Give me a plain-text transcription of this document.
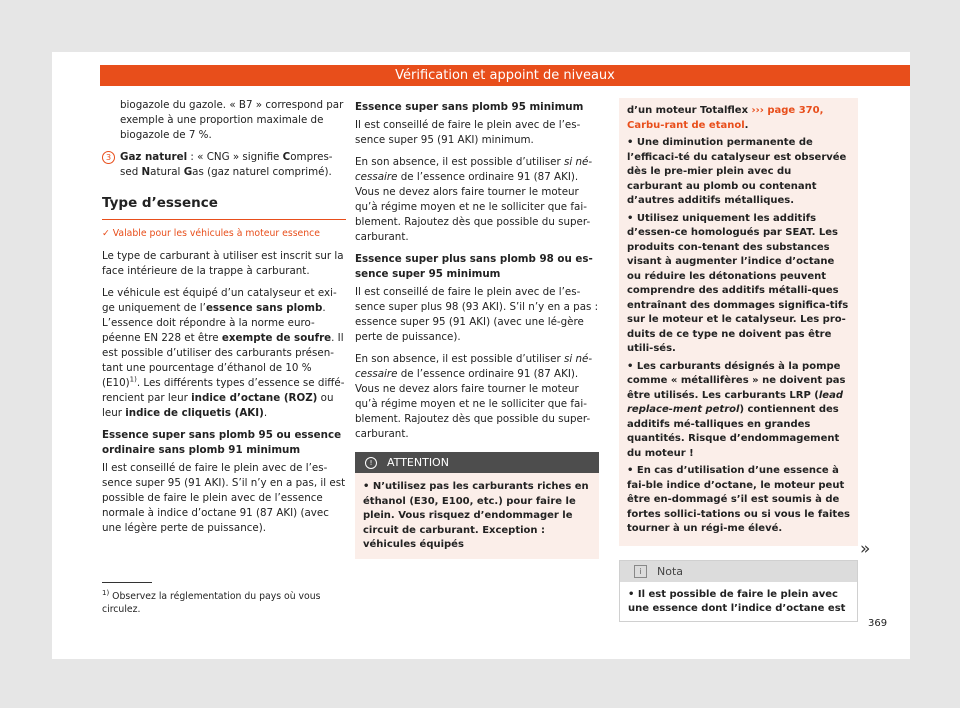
Vérification et appoint de niveaux

biogazole du gazole. « B7 » correspond par exemple à une proportion maximale de biogazole de 7 %.

3 Gaz naturel : « CNG » signifie Compres-sed Natural Gas (gaz naturel comprimé).
Type d’essence
✓ Valable pour les véhicules à moteur essence

Le type de carburant à utiliser est inscrit sur la face intérieure de la trappe à carburant.

Le véhicule est équipé d’un catalyseur et exi-ge uniquement de l’essence sans plomb. L’essence doit répondre à la norme euro-péenne EN 228 et être exempte de soufre. Il est possible d’utiliser des carburants présen-tant une pourcentage d’éthanol de 10 % $(E10)^{1)}$. Les différents types d’essence se diffé-rencient par leur indice d’octane (ROZ) ou leur indice de cliquetis (AKI).

Essence super sans plomb 95 ou essence ordinaire sans plomb 91 minimum

Il est conseillé de faire le plein avec de l’es-sence super 95 (91 AKI). S’il n’y en a pas, il est possible de faire le plein avec de l’essence normale à indice d’octane 91 (87 AKI) (avec une légère perte de puissance).

Essence super sans plomb 95 minimum

Il est conseillé de faire le plein avec de l’es-sence super 95 (91 AKI) minimum.

En son absence, il est possible d’utiliser si né-cessaire de l’essence ordinaire 91 (87 AKI). Vous ne devez alors faire tourner le moteur qu’à régime moyen et ne le solliciter que fai-blement. Rajoutez dès que possible du super-carburant.

Essence super plus sans plomb 98 ou es-sence super 95 minimum

Il est conseillé de faire le plein avec de l’es-sence super plus 98 (93 AKI). S’il n’y en a pas : essence super 95 (91 AKI) (avec une lé-gère perte de puissance).

En son absence, il est possible d’utiliser si né-cessaire de l’essence ordinaire 91 (87 AKI). Vous ne devez alors faire tourner le moteur qu’à régime moyen et ne le solliciter que fai-blement. Rajoutez dès que possible du super-carburant.

! ATTENTION
• N’utilisez pas les carburants riches en éthanol (E30, E100, etc.) pour faire le plein. Vous risquez d’endommager le circuit de carburant. Exception : véhicules équipés

d’un moteur Totalflex ››› page 370, Carbu-rant de etanol.

• Une diminution permanente de l’efficaci-té du catalyseur est observée dès le pre-mier plein avec du carburant au plomb ou contenant d’autres additifs métalliques.

• Utilisez uniquement les additifs d’essen-ce homologués par SEAT. Les produits con-tenant des substances visant à augmenter l’indice d’octane ou réduire les détonations peuvent comprendre des additifs métalli-ques entraînant des dommages significa-tifs sur le moteur et le catalyseur. Les pro-duits de ce type ne doivent pas être utili-sés.

• Les carburants désignés à la pompe comme « métallifères » ne doivent pas être utilisés. Les carburants LRP (lead replace-ment petrol) contiennent des additifs mé-talliques en grandes quantités. Risque d’endommagement du moteur !

• En cas d’utilisation d’une essence à fai-ble indice d’octane, le moteur peut être en-dommagé s’il est soumis à de fortes sollici-tations ou si vous le faites tourner à un régi-me élevé.

i Nota
• Il est possible de faire le plein avec une essence dont l’indice d’octane est
»
$^{1)}$ Observez la réglementation du pays où vous circulez.
369
